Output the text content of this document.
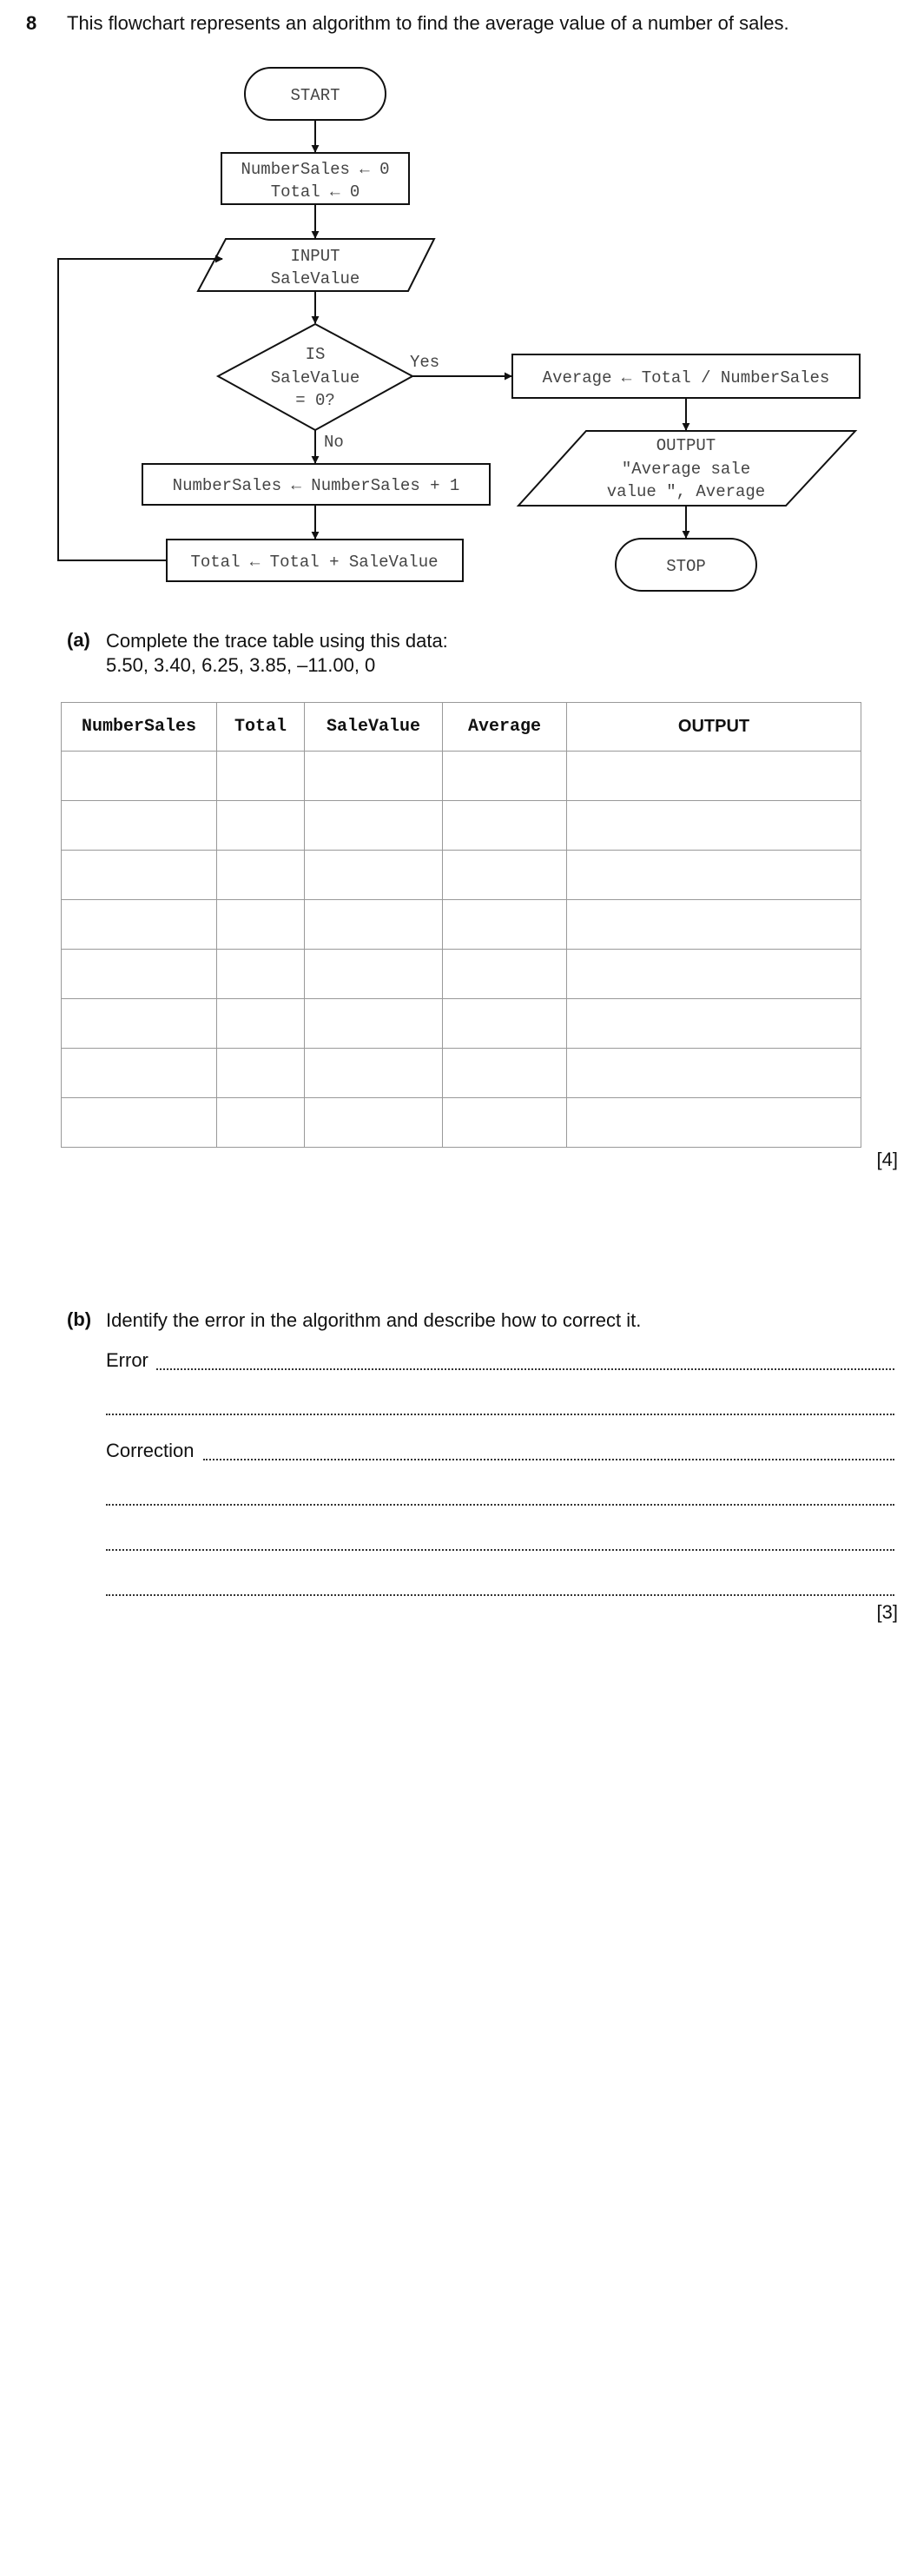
8 This flowchart represents an algorithm to find the average value of a number of sales.
START
NumberSales ← 0
Total ← 0
INPUT
SaleValue
IS
SaleValue
= 0?
Yes
Average ← Total / NumberSales
OUTPUT
"Average sale
value ", Average
STOP
No
NumberSales ← NumberSales + 1
Total ← Total + SaleValue
(a) Complete the trace table using this data:
5.50, 3.40, 6.25, 3.85, –11.00, 0
NumberSales	Total	SaleValue	Average	OUTPUT

[4]
(b) Identify the error in the algorithm and describe how to correct it.
Error
Correction
[3]
